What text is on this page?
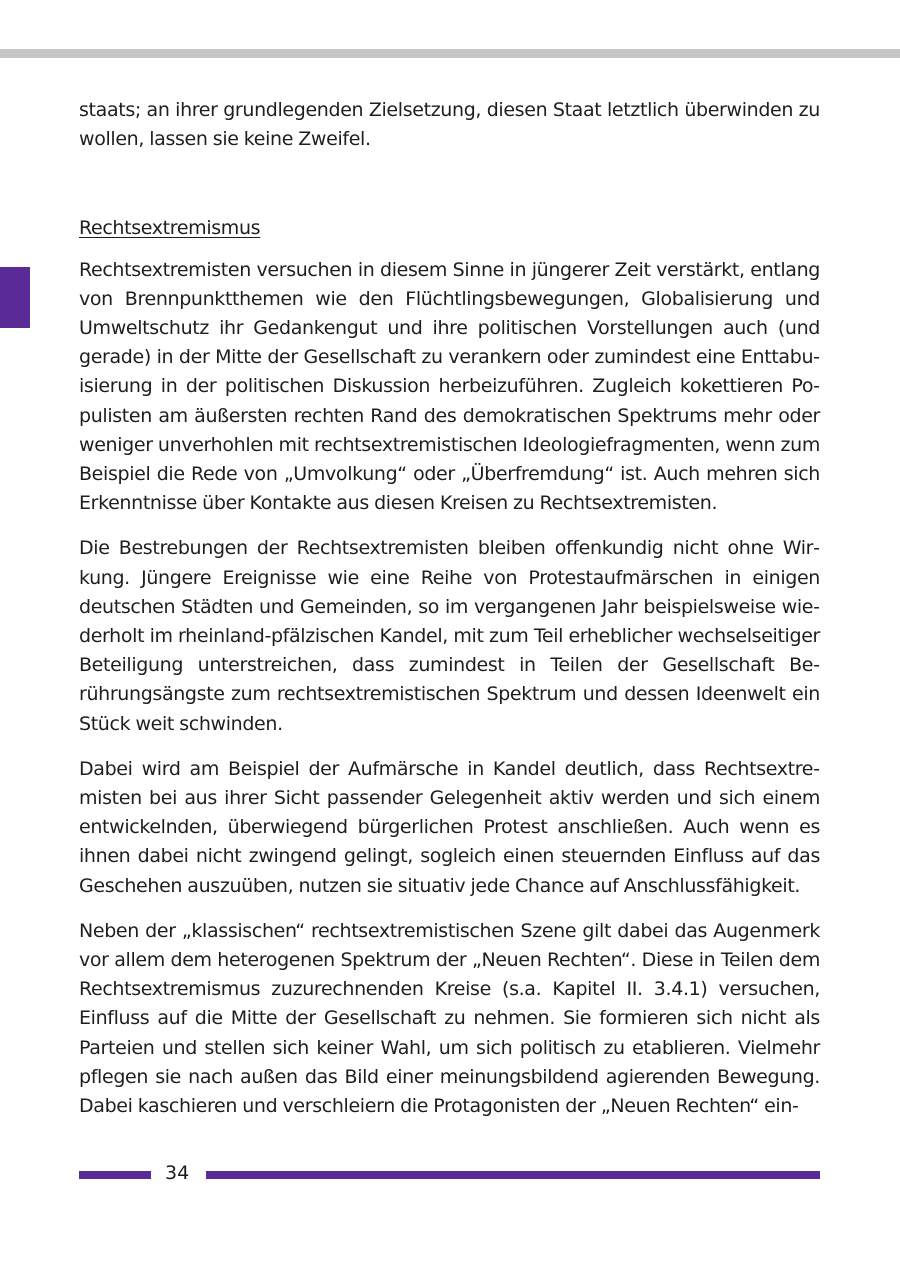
staats; an ihrer grundlegenden Zielsetzung, diesen Staat letztlich überwinden zu wollen, lassen sie keine Zweifel.

Rechtsextremismus

Rechtsextremisten versuchen in diesem Sinne in jüngerer Zeit verstärkt, entlang von Brennpunktthemen wie den Flüchtlingsbewegungen, Globalisierung und Umweltschutz ihr Gedankengut und ihre politischen Vorstellungen auch (und gerade) in der Mitte der Gesellschaft zu verankern oder zumindest eine Enttabuisierung in der politischen Diskussion herbeizuführen. Zugleich kokettieren Populisten am äußersten rechten Rand des demokratischen Spektrums mehr oder weniger unverhohlen mit rechtsextremistischen Ideologiefragmenten, wenn zum Beispiel die Rede von „Umvolkung“ oder „Überfremdung“ ist. Auch mehren sich Erkenntnisse über Kontakte aus diesen Kreisen zu Rechtsextremisten.

Die Bestrebungen der Rechtsextremisten bleiben offenkundig nicht ohne Wirkung. Jüngere Ereignisse wie eine Reihe von Protestaufmärschen in einigen deutschen Städten und Gemeinden, so im vergangenen Jahr beispielsweise wiederholt im rheinland-pfälzischen Kandel, mit zum Teil erheblicher wechselseitiger Beteiligung unterstreichen, dass zumindest in Teilen der Gesellschaft Berührungsängste zum rechtsextremistischen Spektrum und dessen Ideenwelt ein Stück weit schwinden.

Dabei wird am Beispiel der Aufmärsche in Kandel deutlich, dass Rechtsextremisten bei aus ihrer Sicht passender Gelegenheit aktiv werden und sich einem entwickelnden, überwiegend bürgerlichen Protest anschließen. Auch wenn es ihnen dabei nicht zwingend gelingt, sogleich einen steuernden Einfluss auf das Geschehen auszuüben, nutzen sie situativ jede Chance auf Anschlussfähigkeit.

Neben der „klassischen“ rechtsextremistischen Szene gilt dabei das Augenmerk vor allem dem heterogenen Spektrum der „Neuen Rechten“. Diese in Teilen dem Rechtsextremismus zuzurechnenden Kreise (s.a. Kapitel II. 3.4.1) versuchen, Einfluss auf die Mitte der Gesellschaft zu nehmen. Sie formieren sich nicht als Parteien und stellen sich keiner Wahl, um sich politisch zu etablieren. Vielmehr pflegen sie nach außen das Bild einer meinungsbildend agierenden Bewegung. Dabei kaschieren und verschleiern die Protagonisten der „Neuen Rechten“ ein-

34
